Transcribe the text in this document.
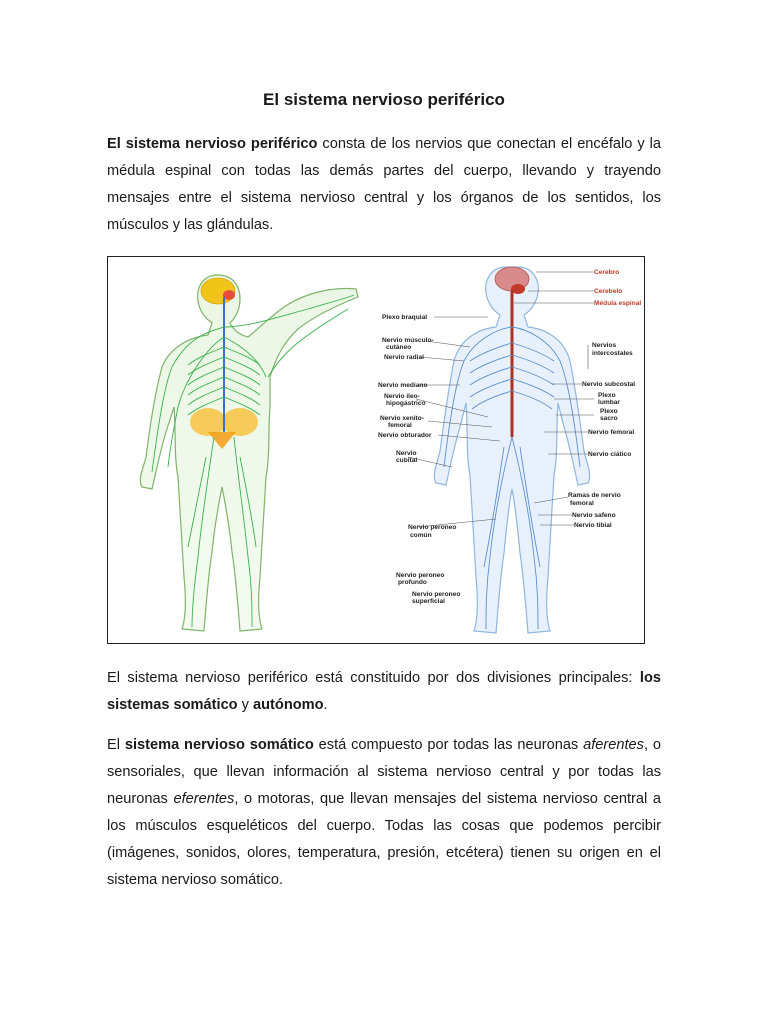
El sistema nervioso periférico

El sistema nervioso periférico consta de los nervios que conectan el encéfalo y la médula espinal con todas las demás partes del cuerpo, llevando y trayendo mensajes entre el sistema nervioso central y los órganos de los sentidos, los músculos y las glándulas.

Cerebro
Cerebelo
Médula espinal
Plexo braquial
Nervio músculo-
cutáneo
Nervio radial
Nervio mediano
Nervio ileo-
hipogástrico
Nervio xenito-
femoral
Nervio obturador
Nervio
cubital
Nervio peroneo
común
Nervio peroneo
profundo
Nervio peroneo
superficial
Nervios
intercostales
Nervio subcostal
Plexo
lumbar
Plexo
sacro
Nervio femoral
Nervio ciático
Ramas de nervio
femoral
Nervio safeno
Nervio tibial

El sistema nervioso periférico está constituido por dos divisiones principales: los sistemas somático y autónomo.

El sistema nervioso somático está compuesto por todas las neuronas aferentes, o sensoriales, que llevan información al sistema nervioso central y por todas las neuronas eferentes, o motoras, que llevan mensajes del sistema nervioso central a los músculos esqueléticos del cuerpo. Todas las cosas que podemos percibir (imágenes, sonidos, olores, temperatura, presión, etcétera) tienen su origen en el sistema nervioso somático.
